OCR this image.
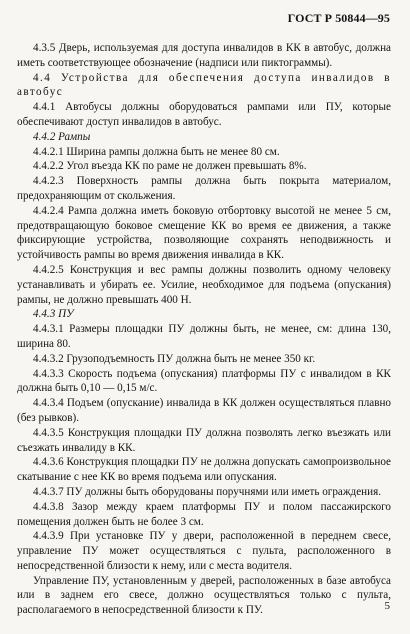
ГОСТ Р 50844—95

4.3.5 Дверь, используемая для доступа инвалидов в КК в автобус, должна иметь соответствующее обозначение (надписи или пиктограммы).

4.4 Устройства для обеспечения доступа инвалидов в автобус

4.4.1 Автобусы должны оборудоваться рампами или ПУ, которые обеспечивают доступ инвалидов в автобус.

4.4.2 Рампы

4.4.2.1 Ширина рампы должна быть не менее 80 см.

4.4.2.2 Угол въезда КК по раме не должен превышать 8%.

4.4.2.3 Поверхность рампы должна быть покрыта материалом, предохраняющим от скольжения.

4.4.2.4 Рампа должна иметь боковую отбортовку высотой не менее 5 см, предотвращающую боковое смещение КК во время ее движения, а также фиксирующие устройства, позволяющие сохранять неподвижность и устойчивость рампы во время движения инвалида в КК.

4.4.2.5 Конструкция и вес рампы должны позволить одному человеку устанавливать и убирать ее. Усилие, необходимое для подъема (опускания) рампы, не должно превышать 400 Н.

4.4.3 ПУ

4.4.3.1 Размеры площадки ПУ должны быть, не менее, см: длина 130, ширина 80.

4.4.3.2 Грузоподъемность ПУ должна быть не менее 350 кг.

4.4.3.3 Скорость подъема (опускания) платформы ПУ с инвалидом в КК должна быть 0,10 — 0,15 м/с.

4.4.3.4 Подъем (опускание) инвалида в КК должен осуществляться плавно (без рывков).

4.4.3.5 Конструкция площадки ПУ должна позволять легко въезжать или съезжать инвалиду в КК.

4.4.3.6 Конструкция площадки ПУ не должна допускать самопроизвольное скатывание с нее КК во время подъема или опускания.

4.4.3.7 ПУ должны быть оборудованы поручнями или иметь ограждения.

4.4.3.8 Зазор между краем платформы ПУ и полом пассажирского помещения должен быть не более 3 см.

4.4.3.9 При установке ПУ у двери, расположенной в переднем свесе, управление ПУ может осуществляться с пульта, расположенного в непосредственной близости к нему, или с места водителя.

Управление ПУ, установленным у дверей, расположенных в базе автобуса или в заднем его свесе, должно осуществляться только с пульта, располагаемого в непосредственной близости к ПУ.	5
